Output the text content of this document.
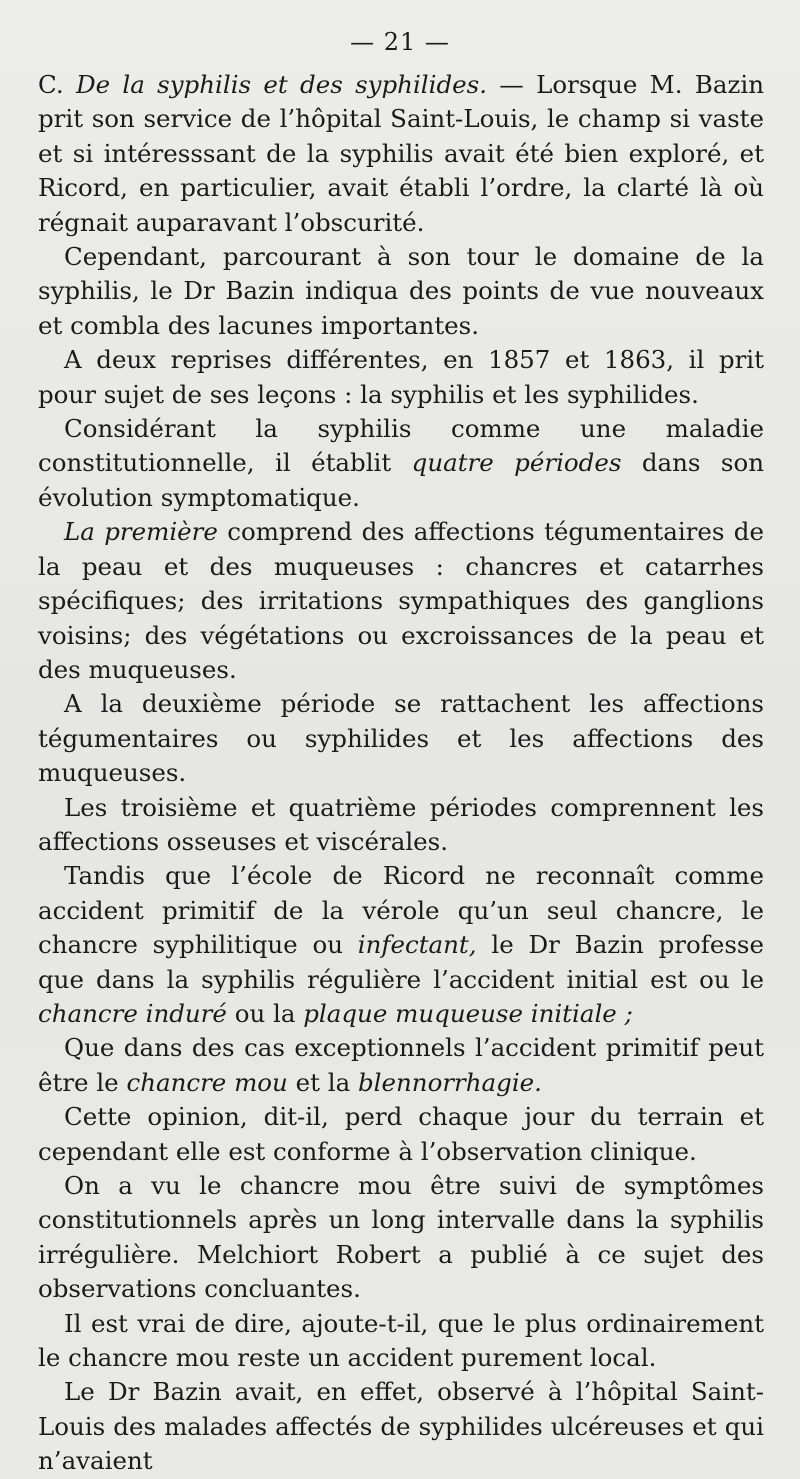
— 21 —

C. De la syphilis et des syphilides. — Lorsque M. Bazin prit son service de l’hôpital Saint-Louis, le champ si vaste et si intéresssant de la syphilis avait été bien exploré, et Ricord, en particulier, avait établi l’ordre, la clarté là où régnait auparavant l’obscurité.

Cependant, parcourant à son tour le domaine de la syphilis, le Dr Bazin indiqua des points de vue nouveaux et combla des lacunes importantes.

A deux reprises différentes, en 1857 et 1863, il prit pour sujet de ses leçons : la syphilis et les syphilides.

Considérant la syphilis comme une maladie constitutionnelle, il établit quatre périodes dans son évolution symptomatique.

La première comprend des affections tégumentaires de la peau et des muqueuses : chancres et catarrhes spécifiques; des irritations sympathiques des ganglions voisins; des végétations ou excroissances de la peau et des muqueuses.

A la deuxième période se rattachent les affections tégumentaires ou syphilides et les affections des muqueuses.

Les troisième et quatrième périodes comprennent les affections osseuses et viscérales.

Tandis que l’école de Ricord ne reconnaît comme accident primitif de la vérole qu’un seul chancre, le chancre syphilitique ou infectant, le Dr Bazin professe que dans la syphilis régulière l’accident initial est ou le chancre induré ou la plaque muqueuse initiale ;

Que dans des cas exceptionnels l’accident primitif peut être le chancre mou et la blennorrhagie.

Cette opinion, dit-il, perd chaque jour du terrain et cependant elle est conforme à l’observation clinique.

On a vu le chancre mou être suivi de symptômes constitutionnels après un long intervalle dans la syphilis irrégulière. Melchiort Robert a publié à ce sujet des observations concluantes.

Il est vrai de dire, ajoute-t-il, que le plus ordinairement le chancre mou reste un accident purement local.

Le Dr Bazin avait, en effet, observé à l’hôpital Saint-Louis des malades affectés de syphilides ulcéreuses et qui n’avaient
